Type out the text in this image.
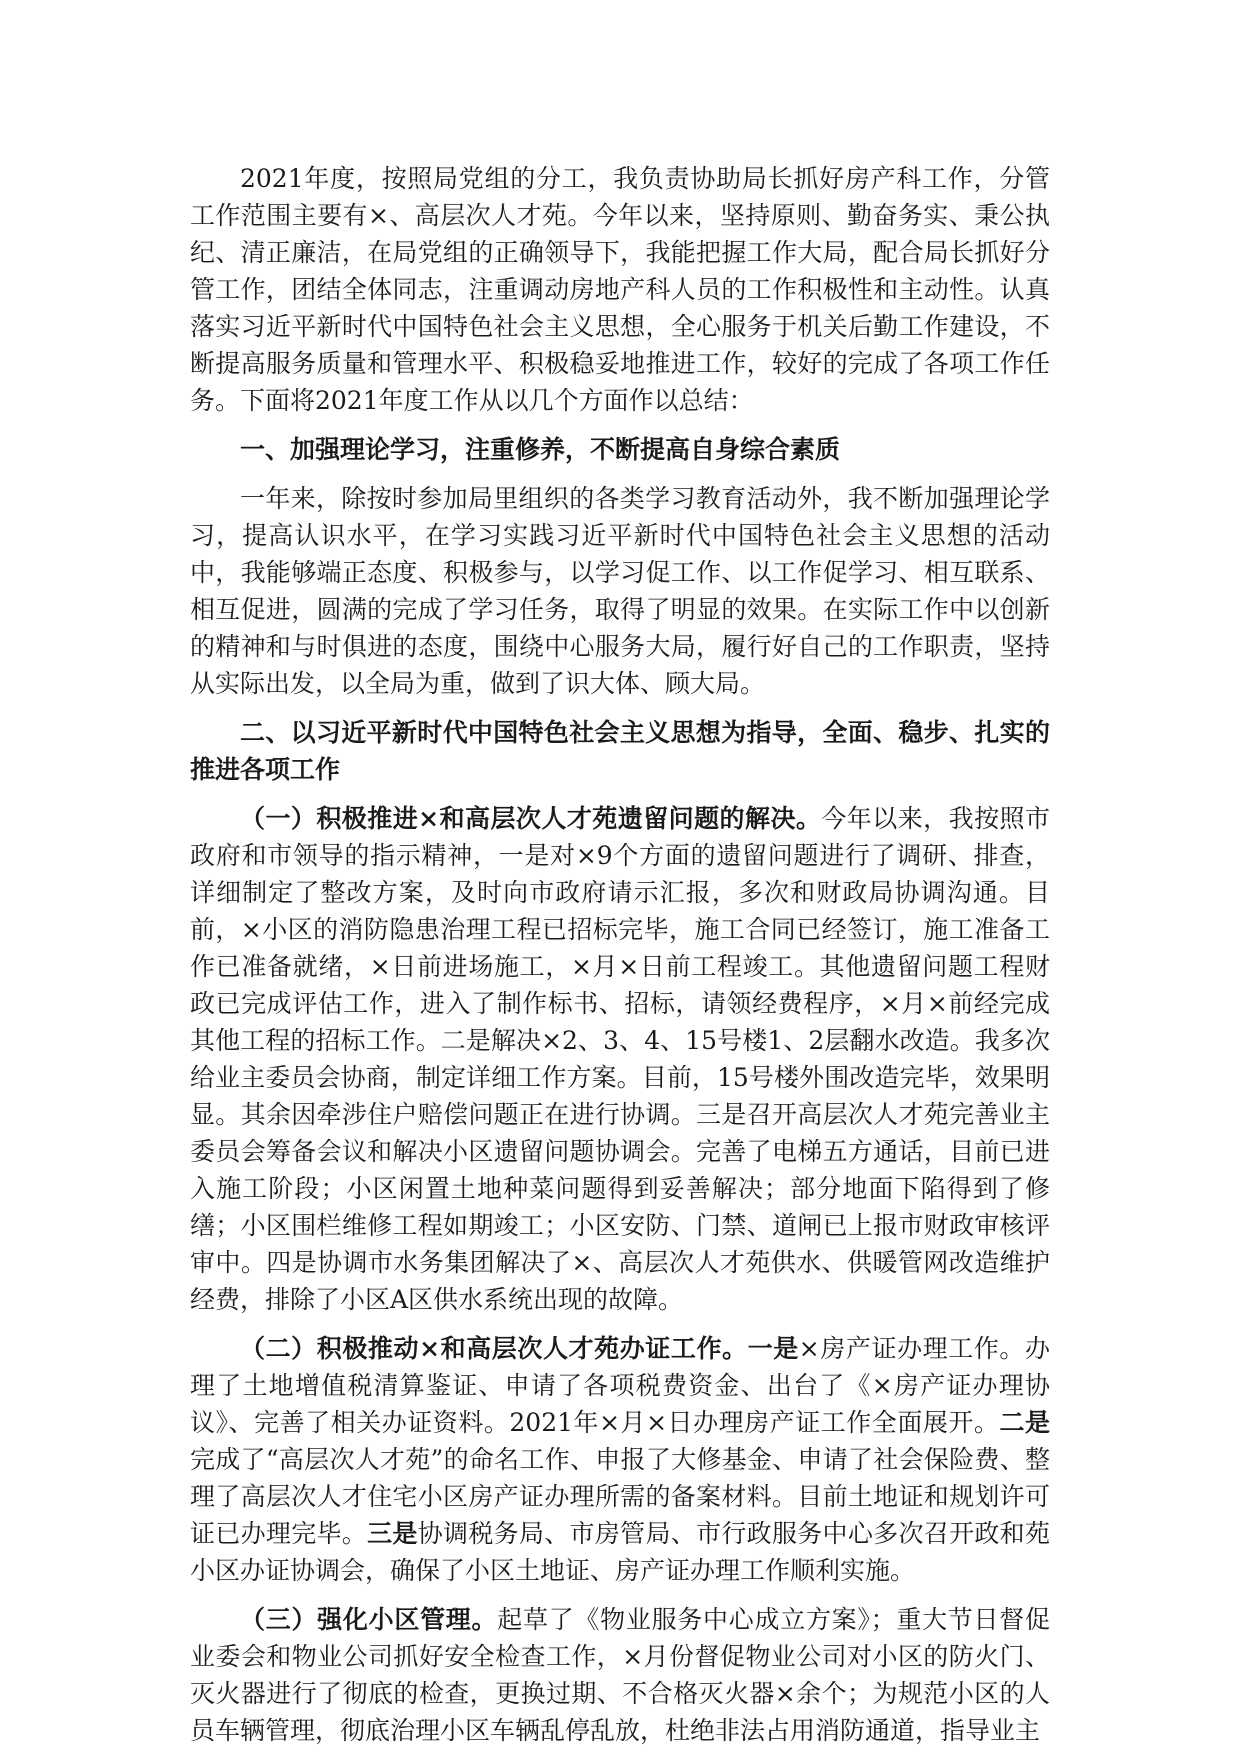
2021年度，按照局党组的分工，我负责协助局长抓好房产科工作，分管工作范围主要有×、高层次人才苑。今年以来，坚持原则、勤奋务实、秉公执纪、清正廉洁，在局党组的正确领导下，我能把握工作大局，配合局长抓好分管工作，团结全体同志，注重调动房地产科人员的工作积极性和主动性。认真落实习近平新时代中国特色社会主义思想，全心服务于机关后勤工作建设，不断提高服务质量和管理水平、积极稳妥地推进工作，较好的完成了各项工作任务。下面将2021年度工作从以几个方面作以总结：

一、加强理论学习，注重修养，不断提高自身综合素质

一年来，除按时参加局里组织的各类学习教育活动外，我不断加强理论学习，提高认识水平，在学习实践习近平新时代中国特色社会主义思想的活动中，我能够端正态度、积极参与，以学习促工作、以工作促学习、相互联系、相互促进，圆满的完成了学习任务，取得了明显的效果。在实际工作中以创新的精神和与时俱进的态度，围绕中心服务大局，履行好自己的工作职责，坚持从实际出发，以全局为重，做到了识大体、顾大局。

二、以习近平新时代中国特色社会主义思想为指导，全面、稳步、扎实的推进各项工作

（一）积极推进×和高层次人才苑遗留问题的解决。今年以来，我按照市政府和市领导的指示精神，一是对×9个方面的遗留问题进行了调研、排查，详细制定了整改方案，及时向市政府请示汇报，多次和财政局协调沟通。目前，×小区的消防隐患治理工程已招标完毕，施工合同已经签订，施工准备工作已准备就绪，×日前进场施工，×月×日前工程竣工。其他遗留问题工程财政已完成评估工作，进入了制作标书、招标，请领经费程序，×月×前经完成其他工程的招标工作。二是解决×2、3、4、15号楼1、2层翻水改造。我多次给业主委员会协商，制定详细工作方案。目前，15号楼外围改造完毕，效果明显。其余因牵涉住户赔偿问题正在进行协调。三是召开高层次人才苑完善业主委员会筹备会议和解决小区遗留问题协调会。完善了电梯五方通话，目前已进入施工阶段；小区闲置土地种菜问题得到妥善解决；部分地面下陷得到了修缮；小区围栏维修工程如期竣工；小区安防、门禁、道闸已上报市财政审核评审中。四是协调市水务集团解决了×、高层次人才苑供水、供暖管网改造维护经费，排除了小区A区供水系统出现的故障。

（二）积极推动×和高层次人才苑办证工作。一是×房产证办理工作。办理了土地增值税清算鉴证、申请了各项税费资金、出台了《×房产证办理协议》、完善了相关办证资料。2021年×月×日办理房产证工作全面展开。二是完成了“高层次人才苑”的命名工作、申报了大修基金、申请了社会保险费、整理了高层次人才住宅小区房产证办理所需的备案材料。目前土地证和规划许可证已办理完毕。三是协调税务局、市房管局、市行政服务中心多次召开政和苑小区办证协调会，确保了小区土地证、房产证办理工作顺利实施。

（三）强化小区管理。起草了《物业服务中心成立方案》；重大节日督促业委会和物业公司抓好安全检查工作，×月份督促物业公司对小区的防火门、灭火器进行了彻底的检查，更换过期、不合格灭火器×余个；为规范小区的人员车辆管理，彻底治理小区车辆乱停乱放，杜绝非法占用消防通道，指导业主
